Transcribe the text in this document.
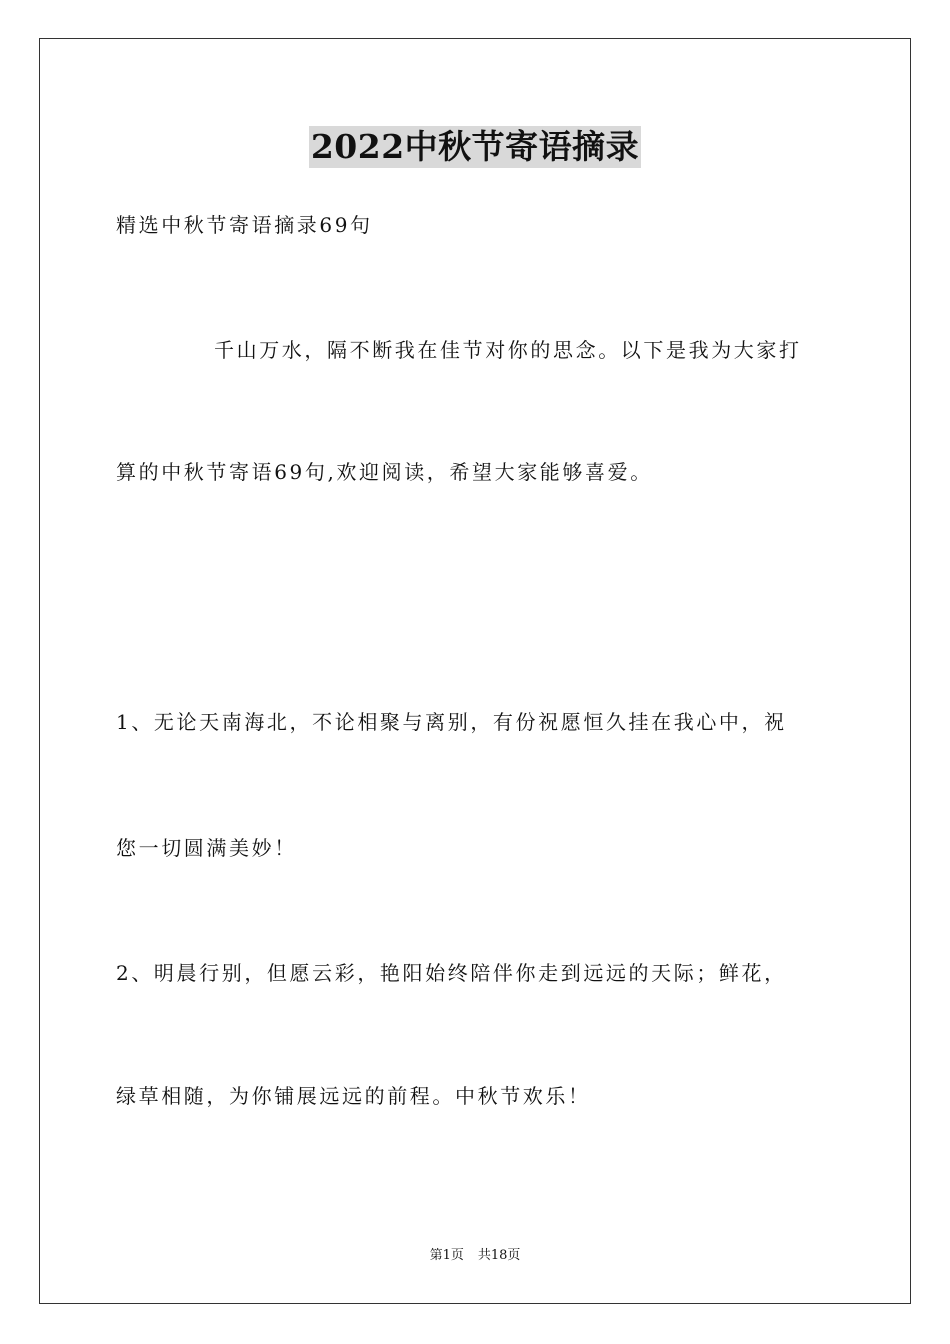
2022中秋节寄语摘录
精选中秋节寄语摘录69句
千山万水，隔不断我在佳节对你的思念。以下是我为大家打
算的中秋节寄语69句,欢迎阅读，希望大家能够喜爱。
1、无论天南海北，不论相聚与离别，有份祝愿恒久挂在我心中，祝
您一切圆满美妙！
2、明晨行别，但愿云彩，艳阳始终陪伴你走到远远的天际；鲜花，
绿草相随，为你铺展远远的前程。中秋节欢乐！
第1页 共18页
